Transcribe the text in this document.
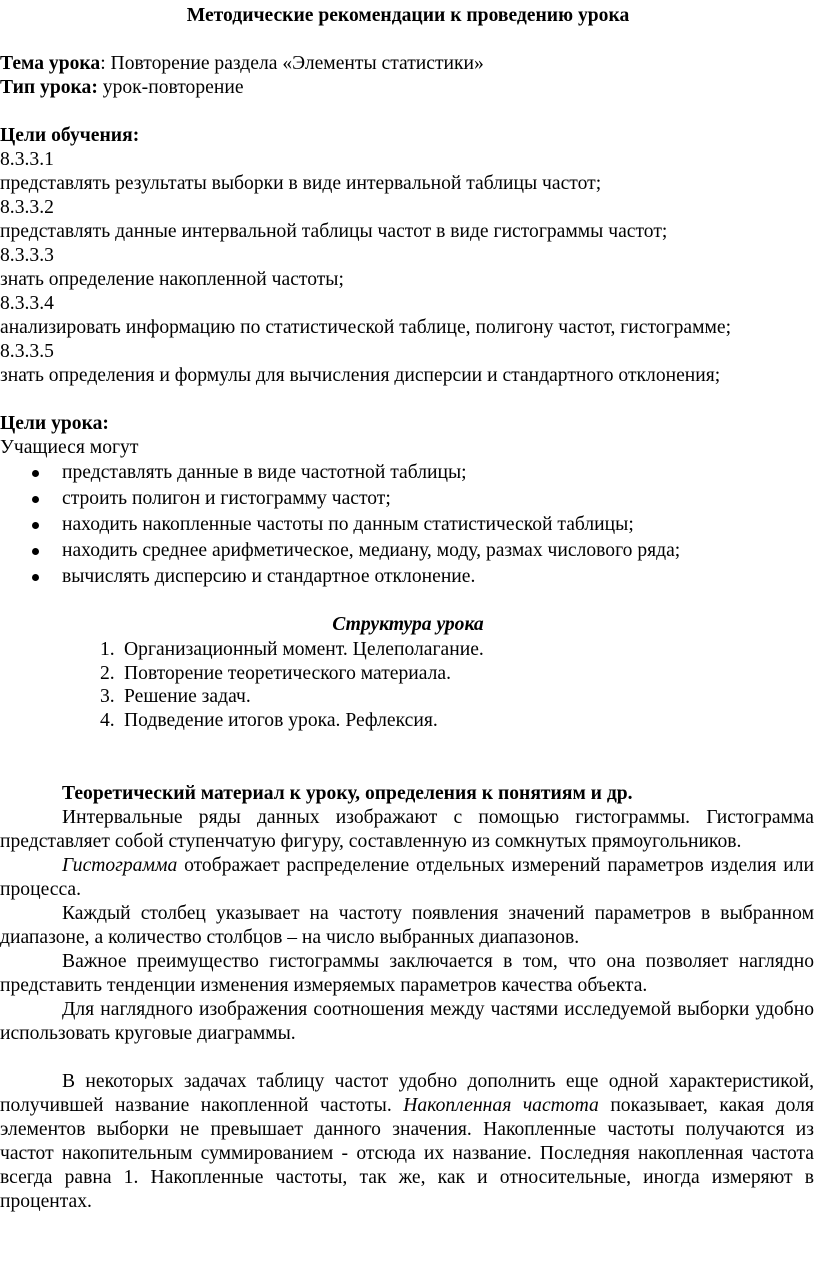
Методические рекомендации к проведению урока

Тема урока: Повторение раздела «Элементы статистики»

Тип урока: урок-повторение

Цели обучения:

8.3.3.1

представлять результаты выборки в виде интервальной таблицы частот;

8.3.3.2

представлять данные интервальной таблицы частот в виде гистограммы частот;

8.3.3.3

знать определение накопленной частоты;

8.3.3.4

анализировать информацию по статистической таблице, полигону частот, гистограмме;

8.3.3.5

знать определения и формулы для вычисления дисперсии и стандартного отклонения;

Цели урока:

Учащиеся могут

представлять данные в виде частотной таблицы;
строить полигон и гистограмму частот;
находить накопленные частоты по данным статистической таблицы;
находить среднее арифметическое, медиану, моду, размах числового ряда;
вычислять дисперсию и стандартное отклонение.

Структура урока

1. Организационный момент. Целеполагание.
2. Повторение теоретического материала.
3. Решение задач.
4. Подведение итогов урока. Рефлексия.

Теоретический материал к уроку, определения к понятиям и др.

Интервальные ряды данных изображают с помощью гистограммы. Гистограмма представляет собой ступенчатую фигуру, составленную из сомкнутых прямоугольников.

Гистограмма отображает распределение отдельных измерений параметров изделия или процесса.

Каждый столбец указывает на частоту появления значений параметров в выбранном диапазоне, а количество столбцов – на число выбранных диапазонов.

Важное преимущество гистограммы заключается в том, что она позволяет наглядно представить тенденции изменения измеряемых параметров качества объекта.

Для наглядного изображения соотношения между частями исследуемой выборки удобно использовать круговые диаграммы.

В некоторых задачах таблицу частот удобно дополнить еще одной характеристикой, получившей название накопленной частоты. Накопленная частота показывает, какая доля элементов выборки не превышает данного значения. Накопленные частоты получаются из частот накопительным суммированием - отсюда их название. Последняя накопленная частота всегда равна 1. Накопленные частоты, так же, как и относительные, иногда измеряют в процентах.
